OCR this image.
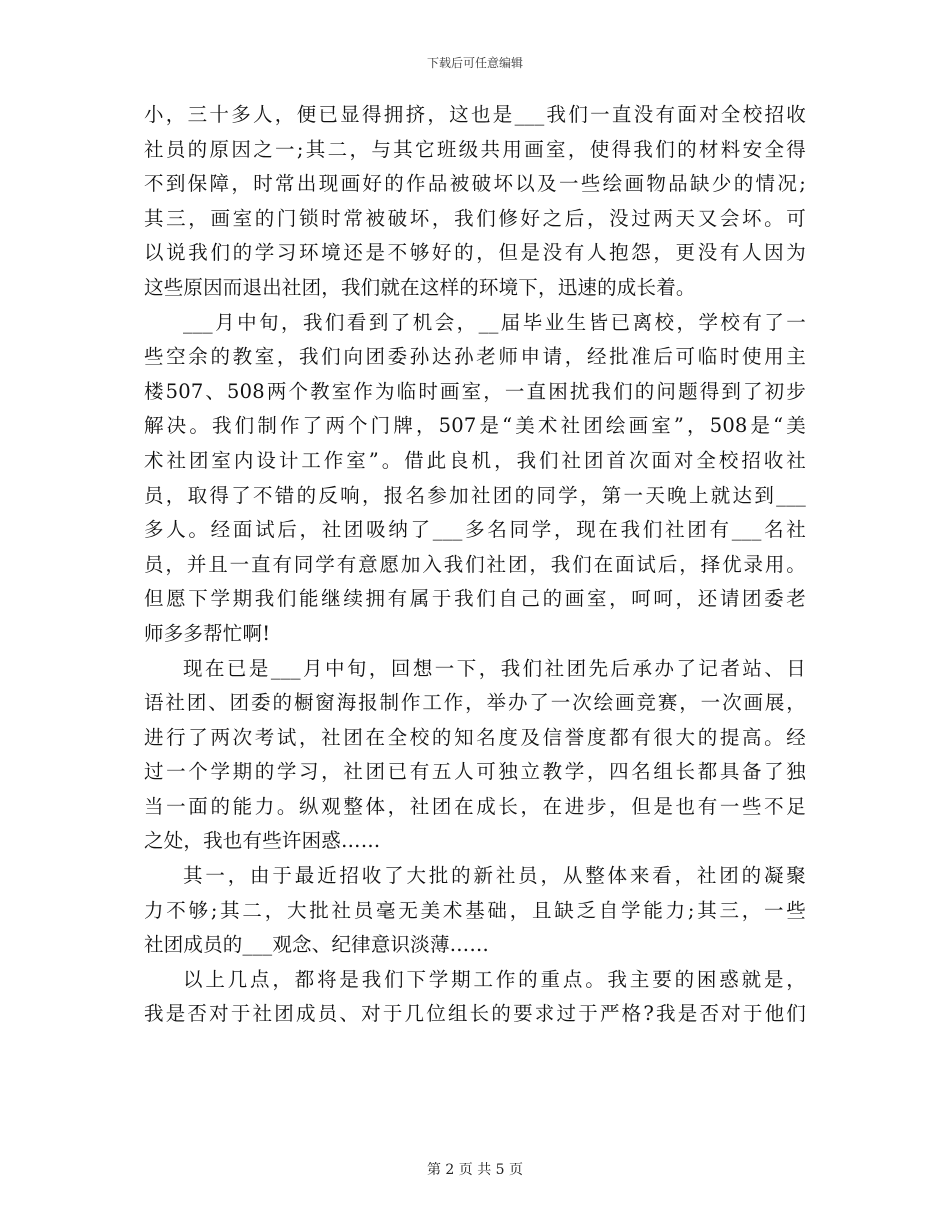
下载后可任意编辑
小，三十多人，便已显得拥挤，这也是___我们一直没有面对全校招收
社员的原因之一;其二，与其它班级共用画室，使得我们的材料安全得
不到保障，时常出现画好的作品被破坏以及一些绘画物品缺少的情况;
其三，画室的门锁时常被破坏，我们修好之后，没过两天又会坏。可
以说我们的学习环境还是不够好的，但是没有人抱怨，更没有人因为
这些原因而退出社团，我们就在这样的环境下，迅速的成长着。
___月中旬，我们看到了机会，__届毕业生皆已离校，学校有了一
些空余的教室，我们向团委孙达孙老师申请，经批准后可临时使用主
楼507、508两个教室作为临时画室，一直困扰我们的问题得到了初步
解决。我们制作了两个门牌，507是“美术社团绘画室”，508是“美
术社团室内设计工作室”。借此良机，我们社团首次面对全校招收社
员，取得了不错的反响，报名参加社团的同学，第一天晚上就达到___
多人。经面试后，社团吸纳了___多名同学，现在我们社团有___名社
员，并且一直有同学有意愿加入我们社团，我们在面试后，择优录用。
但愿下学期我们能继续拥有属于我们自己的画室，呵呵，还请团委老
师多多帮忙啊!
现在已是___月中旬，回想一下，我们社团先后承办了记者站、日
语社团、团委的橱窗海报制作工作，举办了一次绘画竞赛，一次画展，
进行了两次考试，社团在全校的知名度及信誉度都有很大的提高。经
过一个学期的学习，社团已有五人可独立教学，四名组长都具备了独
当一面的能力。纵观整体，社团在成长，在进步，但是也有一些不足
之处，我也有些许困惑……
其一，由于最近招收了大批的新社员，从整体来看，社团的凝聚
力不够;其二，大批社员毫无美术基础，且缺乏自学能力;其三，一些
社团成员的___观念、纪律意识淡薄……
以上几点，都将是我们下学期工作的重点。我主要的困惑就是，
我是否对于社团成员、对于几位组长的要求过于严格?我是否对于他们
第 2 页 共 5 页
